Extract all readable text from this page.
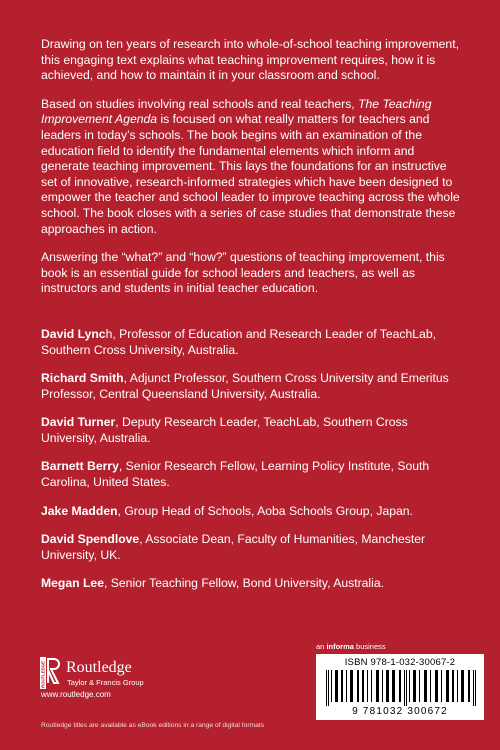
Drawing on ten years of research into whole-of-school teaching improvement, this engaging text explains what teaching improvement requires, how it is achieved, and how to maintain it in your classroom and school.

Based on studies involving real schools and real teachers, The Teaching Improvement Agenda is focused on what really matters for teachers and leaders in today’s schools. The book begins with an examination of the education field to identify the fundamental elements which inform and generate teaching improvement. This lays the foundations for an instructive set of innovative, research-informed strategies which have been designed to empower the teacher and school leader to improve teaching across the whole school. The book closes with a series of case studies that demonstrate these approaches in action.

Answering the “what?” and “how?” questions of teaching improvement, this book is an essential guide for school leaders and teachers, as well as instructors and students in initial teacher education.

David Lynch, Professor of Education and Research Leader of TeachLab, Southern Cross University, Australia.

Richard Smith, Adjunct Professor, Southern Cross University and Emeritus Professor, Central Queensland University, Australia.

David Turner, Deputy Research Leader, TeachLab, Southern Cross University, Australia.

Barnett Berry, Senior Research Fellow, Learning Policy Institute, South Carolina, United States.

Jake Madden, Group Head of Schools, Aoba Schools Group, Japan.

David Spendlove, Associate Dean, Faculty of Humanities, Manchester University, UK.

Megan Lee, Senior Teaching Fellow, Bond University, Australia.

an informa business
ROUTLEDGE Routledge
Taylor & Francis Group
www.routledge.com
ISBN 978-1-032-30067-2
9 781032 300672
Routledge titles are available as eBook editions in a range of digital formats
